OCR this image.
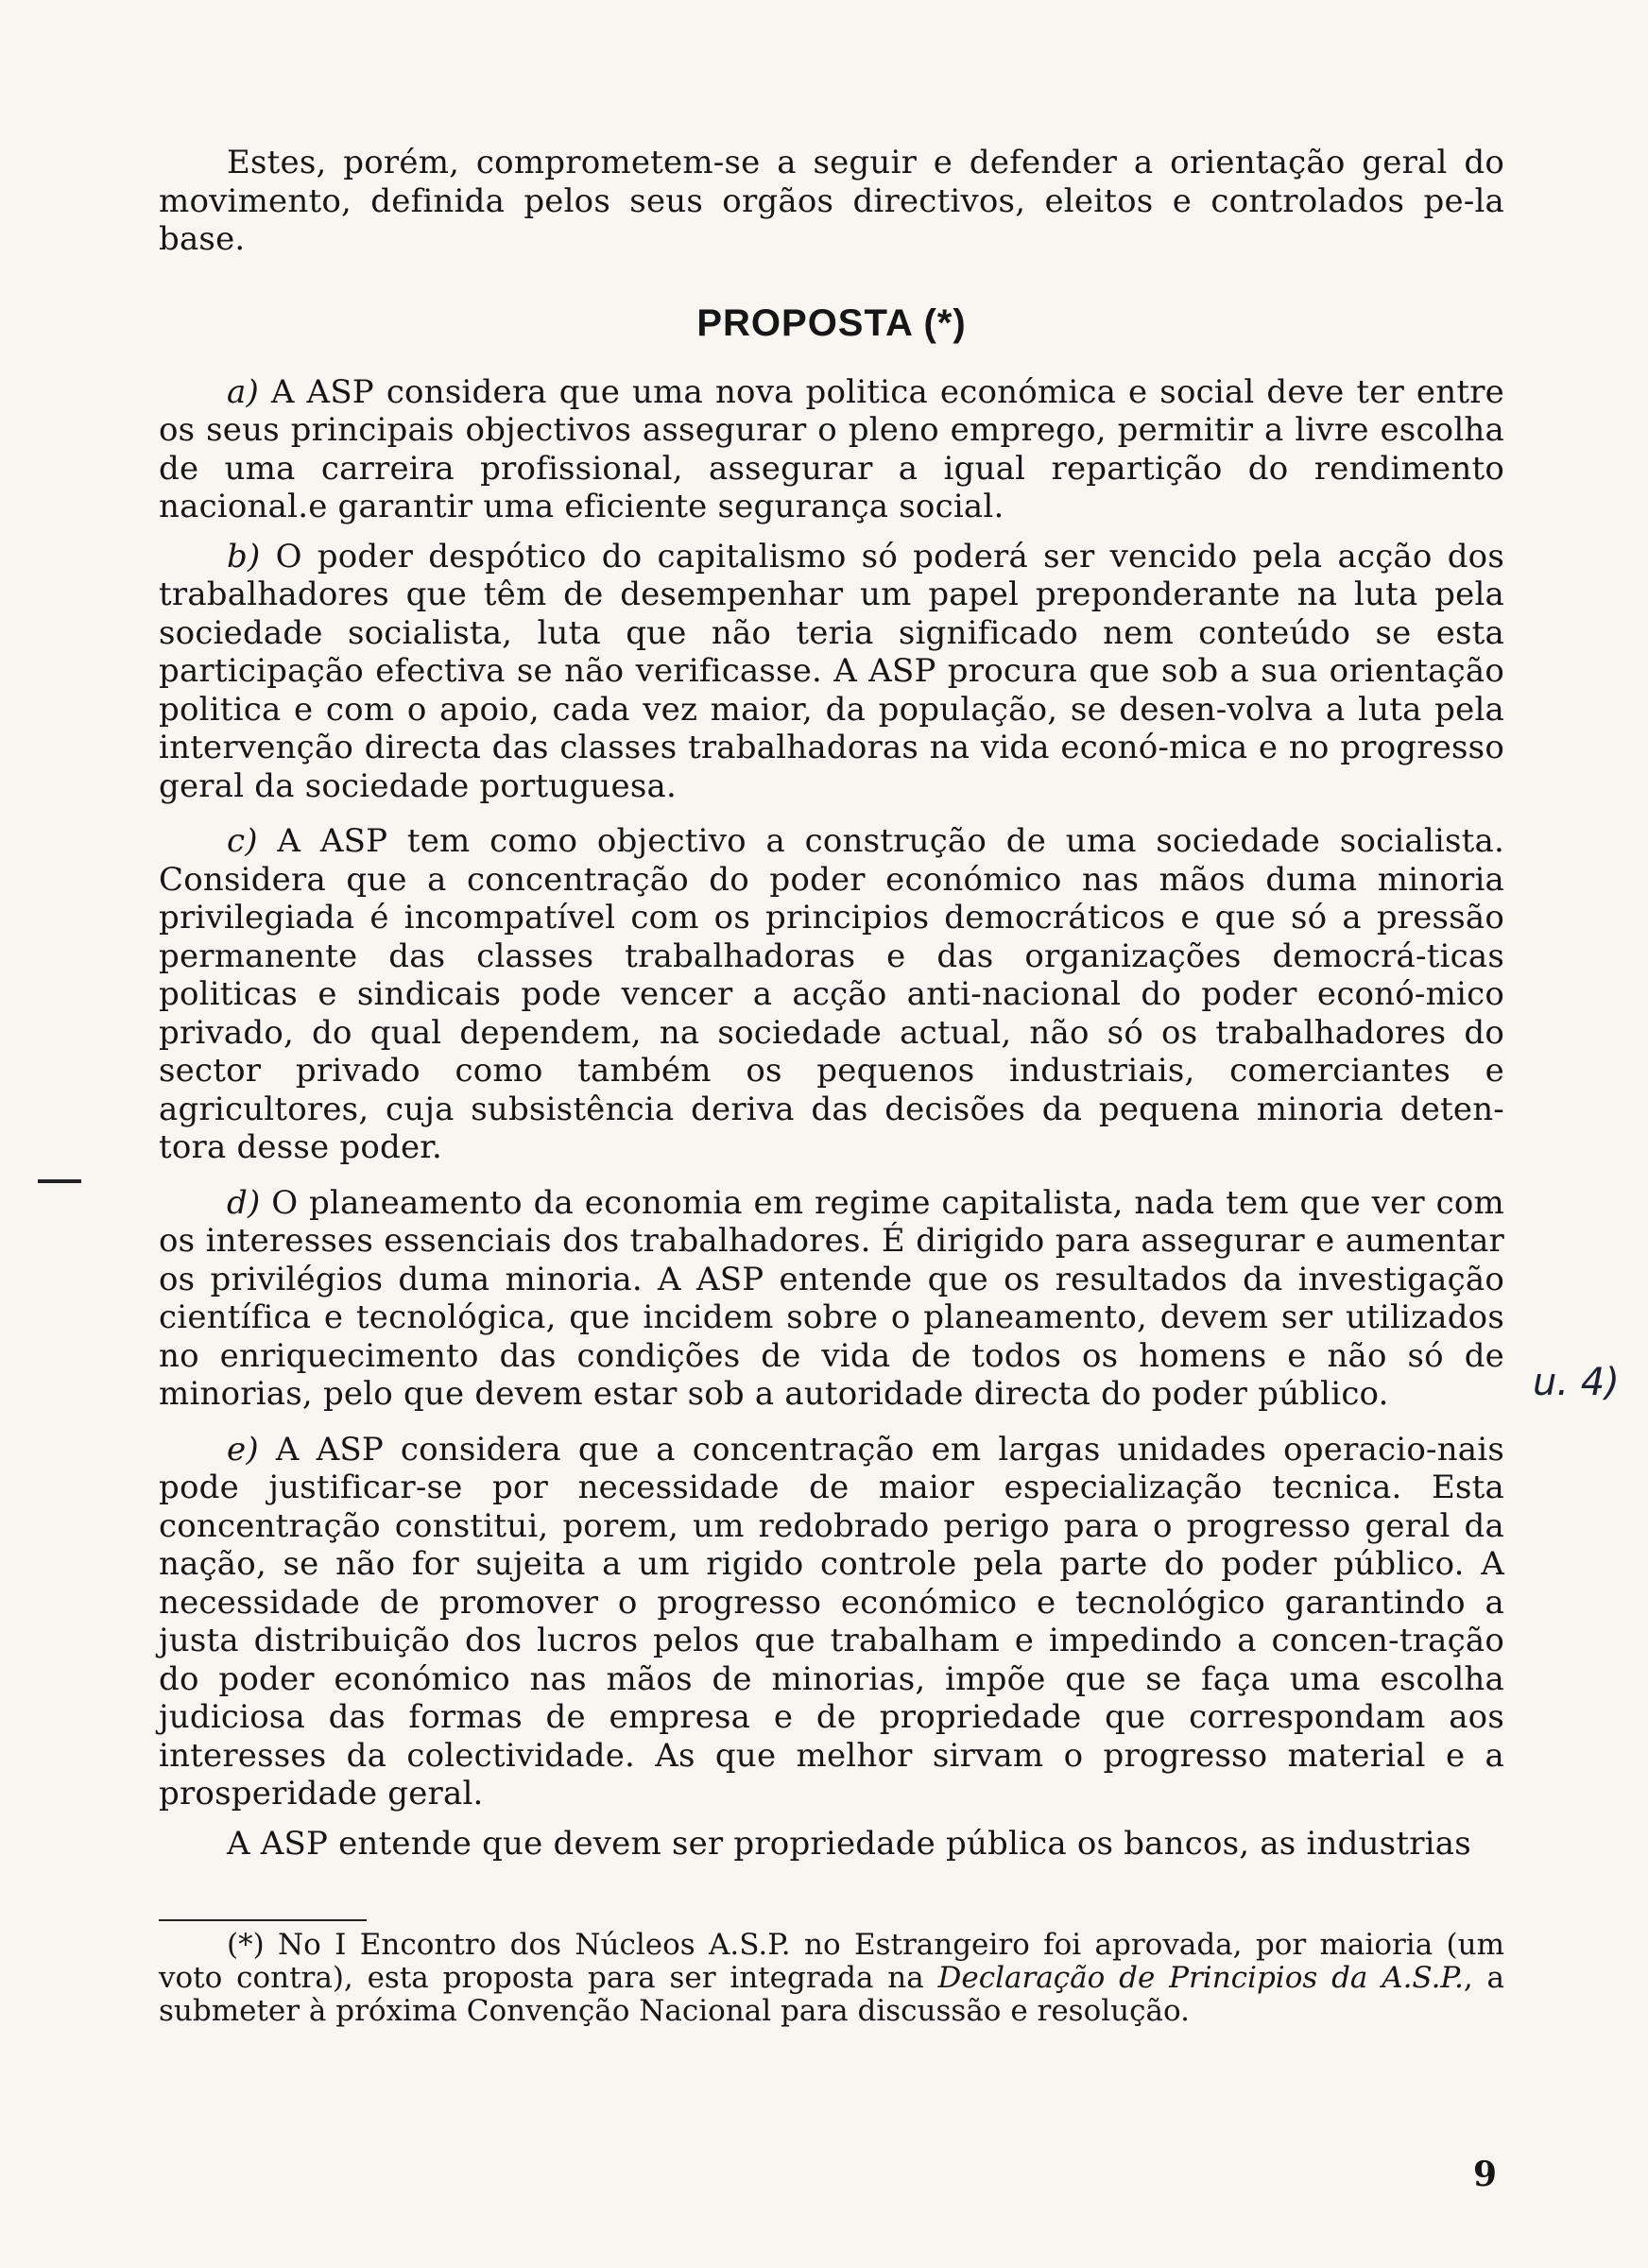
Estes, porém, comprometem-se a seguir e defender a orientação geral do movimento, definida pelos seus orgãos directivos, eleitos e controlados pe-la base.

PROPOSTA (*)

a) A ASP considera que uma nova politica económica e social deve ter entre os seus principais objectivos assegurar o pleno emprego, permitir a livre escolha de uma carreira profissional, assegurar a igual repartição do rendimento nacional.e garantir uma eficiente segurança social.

b) O poder despótico do capitalismo só poderá ser vencido pela acção dos trabalhadores que têm de desempenhar um papel preponderante na luta pela sociedade socialista, luta que não teria significado nem conteúdo se esta participação efectiva se não verificasse. A ASP procura que sob a sua orientação politica e com o apoio, cada vez maior, da população, se desen-volva a luta pela intervenção directa das classes trabalhadoras na vida econó-mica e no progresso geral da sociedade portuguesa.

c) A ASP tem como objectivo a construção de uma sociedade socialista. Considera que a concentração do poder económico nas mãos duma minoria privilegiada é incompatível com os principios democráticos e que só a pressão permanente das classes trabalhadoras e das organizações democrá-ticas politicas e sindicais pode vencer a acção anti-nacional do poder econó-mico privado, do qual dependem, na sociedade actual, não só os trabalhadores do sector privado como também os pequenos industriais, comerciantes e agricultores, cuja subsistência deriva das decisões da pequena minoria deten-tora desse poder.

d) O planeamento da economia em regime capitalista, nada tem que ver com os interesses essenciais dos trabalhadores. É dirigido para assegurar e aumentar os privilégios duma minoria. A ASP entende que os resultados da investigação científica e tecnológica, que incidem sobre o planeamento, devem ser utilizados no enriquecimento das condições de vida de todos os homens e não só de minorias, pelo que devem estar sob a autoridade directa do poder público.

e) A ASP considera que a concentração em largas unidades operacio-nais pode justificar-se por necessidade de maior especialização tecnica. Esta concentração constitui, porem, um redobrado perigo para o progresso geral da nação, se não for sujeita a um rigido controle pela parte do poder público. A necessidade de promover o progresso económico e tecnológico garantindo a justa distribuição dos lucros pelos que trabalham e impedindo a concen-tração do poder económico nas mãos de minorias, impõe que se faça uma escolha judiciosa das formas de empresa e de propriedade que correspondam aos interesses da colectividade. As que melhor sirvam o progresso material e a prosperidade geral.

A ASP entende que devem ser propriedade pública os bancos, as industrias

(*) No I Encontro dos Núcleos A.S.P. no Estrangeiro foi aprovada, por maioria (um voto contra), esta proposta para ser integrada na Declaração de Principios da A.S.P., a submeter à próxima Convenção Nacional para discussão e resolução.

u. 4)
9
